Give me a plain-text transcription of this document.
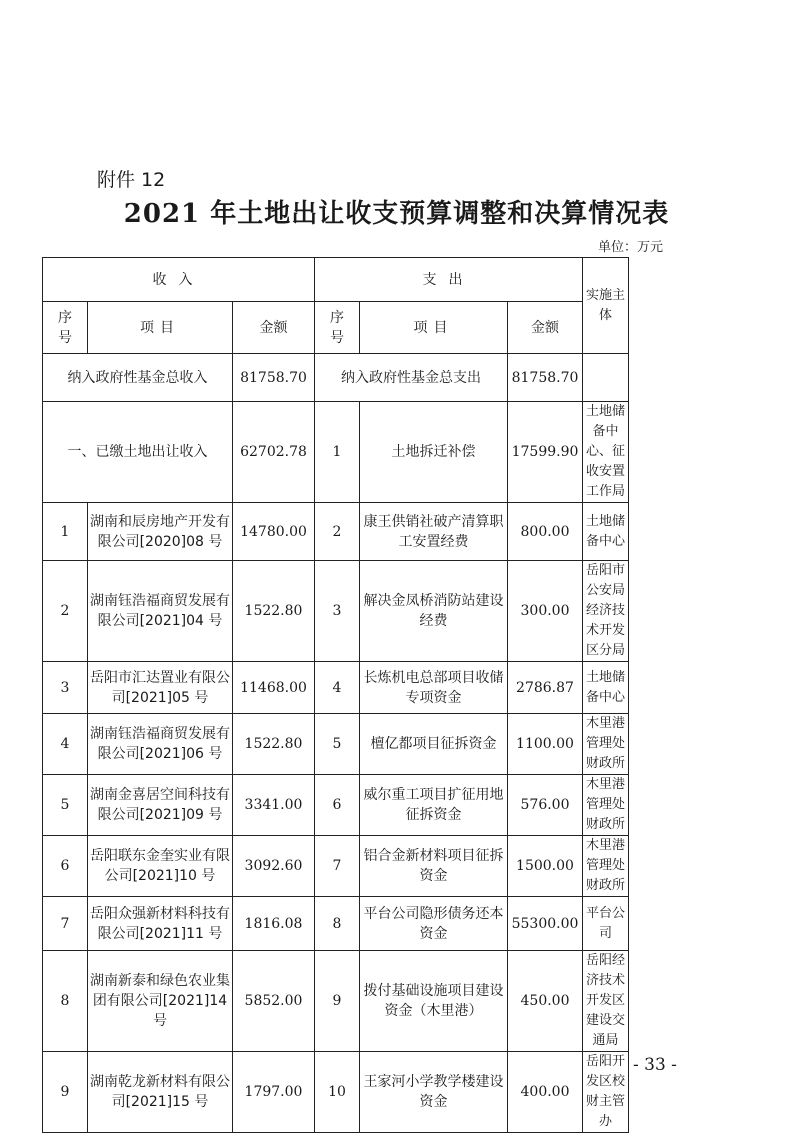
附件 12
2021 年土地出让收支预算调整和决算情况表
单位：万元
收入			支出			实施主体
序号	项目	金额	序号	项目	金额	
纳入政府性基金总收入		81758.70	纳入政府性基金总支出		81758.70	
一、已缴土地出让收入		62702.78	1	土地拆迁补偿	17599.90	土地储备中心、征收安置工作局
1	湖南和辰房地产开发有限公司[2020]08 号	14780.00	2	康王供销社破产清算职工安置经费	800.00	土地储备中心
2	湖南钰浩福商贸发展有限公司[2021]04 号	1522.80	3	解决金凤桥消防站建设经费	300.00	岳阳市公安局经济技术开发区分局
3	岳阳市汇达置业有限公司[2021]05 号	11468.00	4	长炼机电总部项目收储专项资金	2786.87	土地储备中心
4	湖南钰浩福商贸发展有限公司[2021]06 号	1522.80	5	檀亿都项目征拆资金	1100.00	木里港管理处财政所
5	湖南金喜居空间科技有限公司[2021]09 号	3341.00	6	威尔重工项目扩征用地征拆资金	576.00	木里港管理处财政所
6	岳阳联东金奎实业有限公司[2021]10 号	3092.60	7	铝合金新材料项目征拆资金	1500.00	木里港管理处财政所
7	岳阳众强新材料科技有限公司[2021]11 号	1816.08	8	平台公司隐形债务还本资金	55300.00	平台公司
8	湖南新泰和绿色农业集团有限公司[2021]14 号	5852.00	9	拨付基础设施项目建设资金（木里港）	450.00	岳阳经济技术开发区建设交通局
9	湖南乾龙新材料有限公司[2021]15 号	1797.00	10	王家河小学教学楼建设资金	400.00	岳阳开发区校财主管办
- 33 -
